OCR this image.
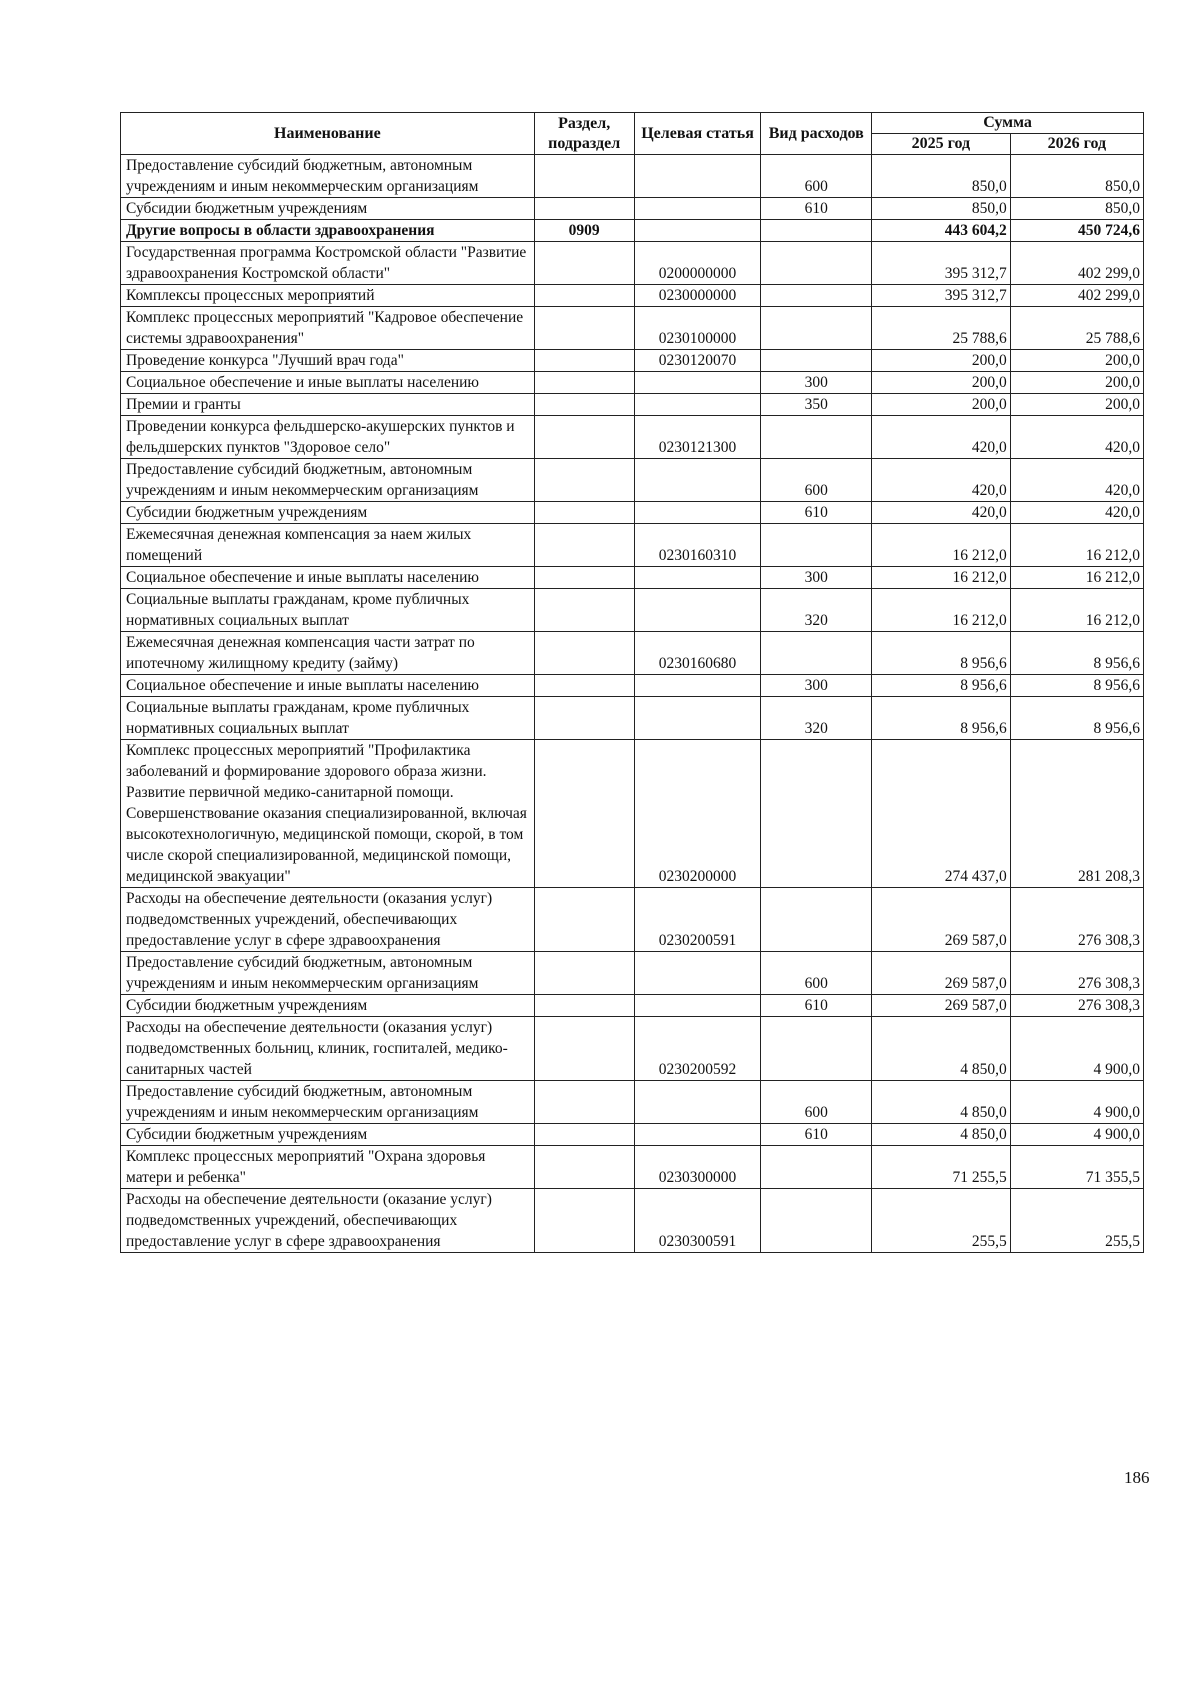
Наименование	Раздел, подраздел	Целевая статья	Вид расходов	Сумма	
				2025 год	2026 год
Предоставление субсидий бюджетным, автономным учреждениям и иным некоммерческим организациям			600	850,0	850,0
Субсидии бюджетным учреждениям			610	850,0	850,0
Другие вопросы в области здравоохранения	0909			443 604,2	450 724,6
Государственная программа Костромской области "Развитие здравоохранения Костромской области"		0200000000		395 312,7	402 299,0
Комплексы процессных мероприятий		0230000000		395 312,7	402 299,0
Комплекс процессных мероприятий "Кадровое обеспечение системы здравоохранения"		0230100000		25 788,6	25 788,6
Проведение конкурса "Лучший врач года"		0230120070		200,0	200,0
Социальное обеспечение и иные выплаты населению			300	200,0	200,0
Премии и гранты			350	200,0	200,0
Проведении конкурса фельдшерско-акушерских пунктов и фельдшерских пунктов "Здоровое село"		0230121300		420,0	420,0
Предоставление субсидий бюджетным, автономным учреждениям и иным некоммерческим организациям			600	420,0	420,0
Субсидии бюджетным учреждениям			610	420,0	420,0
Ежемесячная денежная компенсация за наем жилых помещений		0230160310		16 212,0	16 212,0
Социальное обеспечение и иные выплаты населению			300	16 212,0	16 212,0
Социальные выплаты гражданам, кроме публичных нормативных социальных выплат			320	16 212,0	16 212,0
Ежемесячная денежная компенсация части затрат по ипотечному жилищному кредиту (займу)		0230160680		8 956,6	8 956,6
Социальное обеспечение и иные выплаты населению			300	8 956,6	8 956,6
Социальные выплаты гражданам, кроме публичных нормативных социальных выплат			320	8 956,6	8 956,6
Комплекс процессных мероприятий "Профилактика заболеваний и формирование здорового образа жизни. Развитие первичной медико-санитарной помощи. Совершенствование оказания специализированной, включая высокотехнологичную, медицинской помощи, скорой, в том числе скорой специализированной, медицинской помощи, медицинской эвакуации"		0230200000		274 437,0	281 208,3
Расходы на обеспечение деятельности (оказания услуг) подведомственных учреждений, обеспечивающих предоставление услуг в сфере здравоохранения		0230200591		269 587,0	276 308,3
Предоставление субсидий бюджетным, автономным учреждениям и иным некоммерческим организациям			600	269 587,0	276 308,3
Субсидии бюджетным учреждениям			610	269 587,0	276 308,3
Расходы на обеспечение деятельности (оказания услуг) подведомственных больниц, клиник, госпиталей, медико-санитарных частей		0230200592		4 850,0	4 900,0
Предоставление субсидий бюджетным, автономным учреждениям и иным некоммерческим организациям			600	4 850,0	4 900,0
Субсидии бюджетным учреждениям			610	4 850,0	4 900,0
Комплекс процессных мероприятий "Охрана здоровья матери и ребенка"		0230300000		71 255,5	71 355,5
Расходы на обеспечение деятельности (оказание услуг) подведомственных учреждений, обеспечивающих предоставление услуг в сфере здравоохранения		0230300591		255,5	255,5
186
